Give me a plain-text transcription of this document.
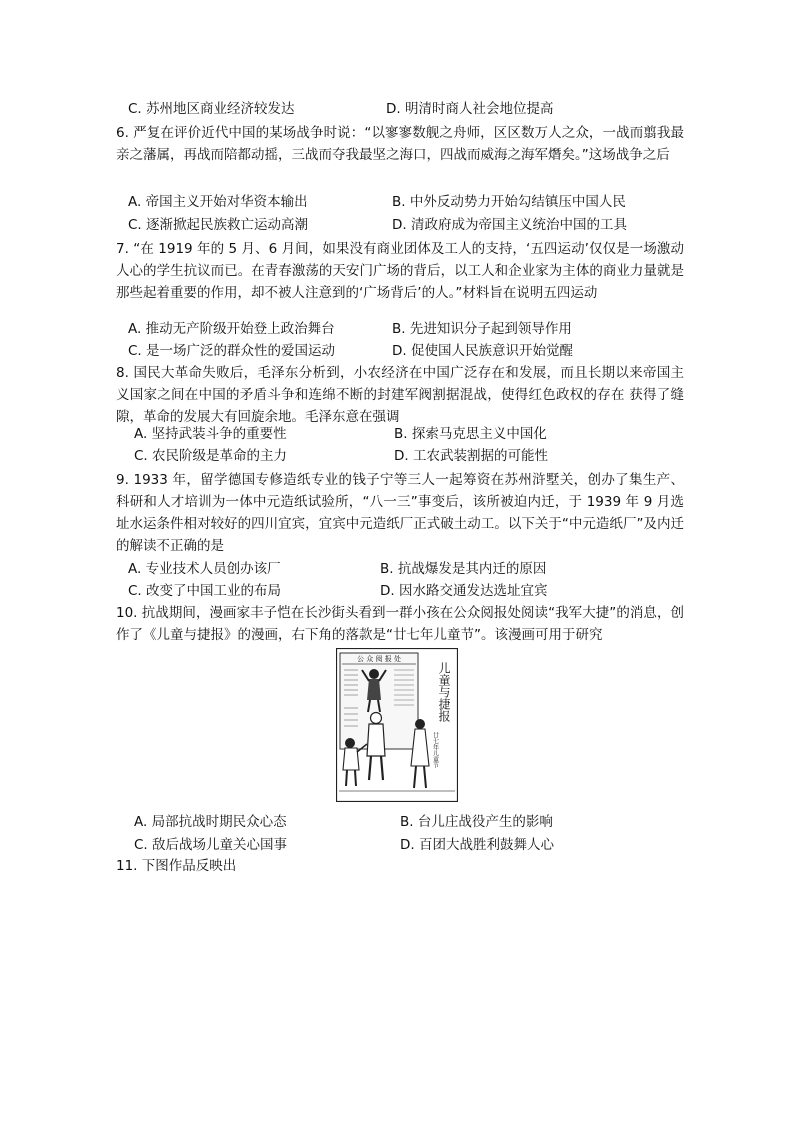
C. 苏州地区商业经济较发达	D. 明清时商人社会地位提高
6. 严复在评价近代中国的某场战争时说：“以寥寥数舰之舟师，区区数万人之众，一战而翦我最亲之藩属，再战而陪都动摇，三战而夺我最坚之海口，四战而威海之海军熸矣。”这场战争之后
A. 帝国主义开始对华资本输出	B. 中外反动势力开始勾结镇压中国人民
C. 逐渐掀起民族救亡运动高潮	D. 清政府成为帝国主义统治中国的工具
7. “在 1919 年的 5 月、6 月间，如果没有商业团体及工人的支持，‘五四运动’仅仅是一场激动人心的学生抗议而已。在青春激荡的天安门广场的背后，以工人和企业家为主体的商业力量就是那些起着重要的作用，却不被人注意到的‘广场背后’的人。”材料旨在说明五四运动
A. 推动无产阶级开始登上政治舞台	B. 先进知识分子起到领导作用
C. 是一场广泛的群众性的爱国运动	D. 促使国人民族意识开始觉醒
8. 国民大革命失败后，毛泽东分析到，小农经济在中国广泛存在和发展，而且长期以来帝国主义国家之间在中国的矛盾斗争和连绵不断的封建军阀割据混战，使得红色政权的存在 获得了缝隙，革命的发展大有回旋余地。毛泽东意在强调
A. 坚持武装斗争的重要性	B. 探索马克思主义中国化
C. 农民阶级是革命的主力	D. 工农武装割据的可能性
9. 1933 年，留学德国专修造纸专业的钱子宁等三人一起筹资在苏州浒墅关，创办了集生产、科研和人才培训为一体中元造纸试验所，“八一三”事变后，该所被迫内迁，于 1939 年 9 月选址水运条件相对较好的四川宜宾，宜宾中元造纸厂正式破土动工。以下关于“中元造纸厂”及内迁的解读不正确的是
A. 专业技术人员创办该厂	B. 抗战爆发是其内迁的原因
C. 改变了中国工业的布局	D. 因水路交通发达选址宜宾
10. 抗战期间，漫画家丰子恺在长沙街头看到一群小孩在公众阅报处阅读“我军大捷”的消息，创作了《儿童与捷报》的漫画，右下角的落款是“廿七年儿童节”。该漫画可用于研究
公 众 阅 报 处
儿童与捷报
廿七年儿童节
A. 局部抗战时期民众心态	B. 台儿庄战役产生的影响
C. 敌后战场儿童关心国事	D. 百团大战胜利鼓舞人心
11. 下图作品反映出
